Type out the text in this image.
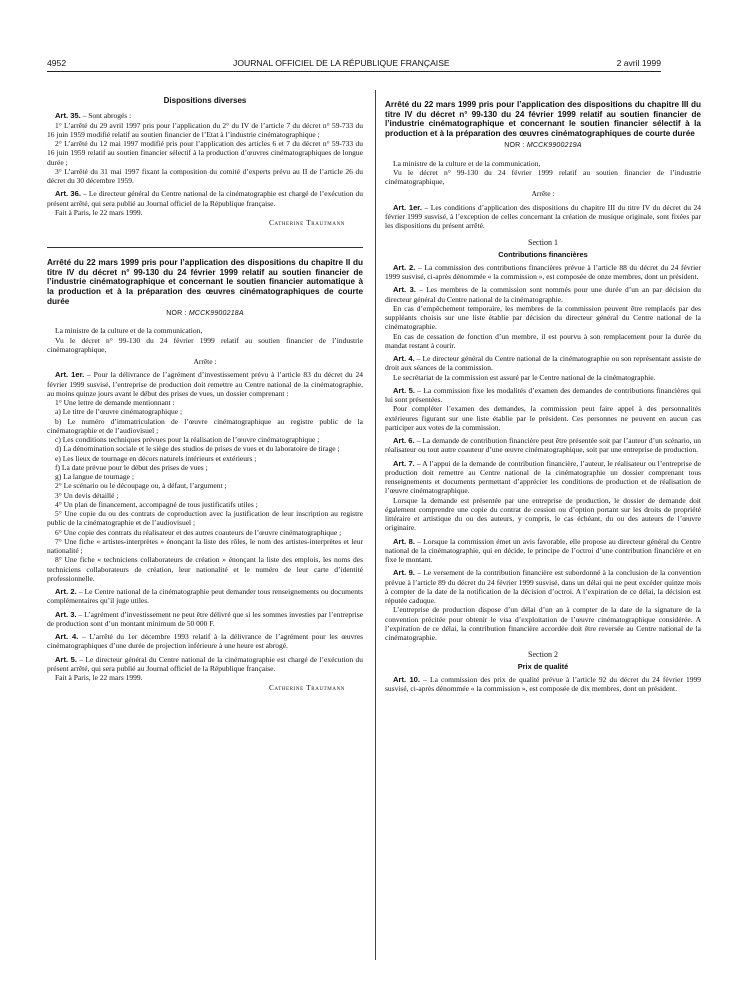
4952	JOURNAL OFFICIEL DE LA RÉPUBLIQUE FRANÇAISE	2 avril 1999
Dispositions diverses

Art. 35. – Sont abrogés :

1° L’arrêté du 29 avril 1997 pris pour l’application du 2° du IV de l’article 7 du décret n° 59-733 du 16 juin 1959 modifié relatif au soutien financier de l’Etat à l’industrie cinématographique ;

2° L’arrêté du 12 mai 1997 modifié pris pour l’application des articles 6 et 7 du décret n° 59-733 du 16 juin 1959 relatif au soutien financier sélectif à la production d’œuvres cinématographiques de longue durée ;

3° L’arrêté du 31 mai 1997 fixant la composition du comité d’experts prévu au II de l’article 26 du décret du 30 décembre 1959.

Art. 36. – Le directeur général du Centre national de la cinématographie est chargé de l’exécution du présent arrêté, qui sera publié au Journal officiel de la République française.

Fait à Paris, le 22 mars 1999.

Catherine Trautmann
Arrêté du 22 mars 1999 pris pour l’application des dispositions du chapitre II du titre IV du décret n° 99-130 du 24 février 1999 relatif au soutien financier de l’industrie cinématographique et concernant le soutien financier automatique à la production et à la préparation des œuvres cinématographiques de courte durée
NOR : MCCK9900218A

La ministre de la culture et de la communication,

Vu le décret n° 99-130 du 24 février 1999 relatif au soutien financier de l’industrie cinématographique,

Arrête :

Art. 1er. – Pour la délivrance de l’agrément d’investissement prévu à l’article 83 du décret du 24 février 1999 susvisé, l’entreprise de production doit remettre au Centre national de la cinématographie, au moins quinze jours avant le début des prises de vues, un dossier comprenant :

1° Une lettre de demande mentionnant :

a) Le titre de l’œuvre cinématographique ;

b) Le numéro d’immatriculation de l’œuvre cinématographique au registre public de la cinématographie et de l’audiovisuel ;

c) Les conditions techniques prévues pour la réalisation de l’œuvre cinématographique ;

d) La dénomination sociale et le siège des studios de prises de vues et du laboratoire de tirage ;

e) Les lieux de tournage en décors naturels intérieurs et extérieurs ;

f) La date prévue pour le début des prises de vues ;

g) La langue de tournage ;

2° Le scénario ou le découpage ou, à défaut, l’argument ;

3° Un devis détaillé ;

4° Un plan de financement, accompagné de tous justificatifs utiles ;

5° Une copie du ou des contrats de coproduction avec la justification de leur inscription au registre public de la cinématographie et de l’audiovisuel ;

6° Une copie des contrats du réalisateur et des autres coauteurs de l’œuvre cinématographique ;

7° Une fiche « artistes-interprètes » énonçant la liste des rôles, le nom des artistes-interprètes et leur nationalité ;

8° Une fiche « techniciens collaborateurs de création » énonçant la liste des emplois, les noms des techniciens collaborateurs de création, leur nationalité et le numéro de leur carte d’identité professionnelle.

Art. 2. – Le Centre national de la cinématographie peut demander tous renseignements ou documents complémentaires qu’il juge utiles.

Art. 3. – L’agrément d’investissement ne peut être délivré que si les sommes investies par l’entreprise de production sont d’un montant minimum de 50 000 F.

Art. 4. – L’arrêté du 1er décembre 1993 relatif à la délivrance de l’agrément pour les œuvres cinématographiques d’une durée de projection inférieure à une heure est abrogé.

Art. 5. – Le directeur général du Centre national de la cinématographie est chargé de l’exécution du présent arrêté, qui sera publié au Journal officiel de la République française.

Fait à Paris, le 22 mars 1999.

Catherine Trautmann
Arrêté du 22 mars 1999 pris pour l’application des dispositions du chapitre III du titre IV du décret n° 99-130 du 24 février 1999 relatif au soutien financier de l’industrie cinématographique et concernant le soutien financier sélectif à la production et à la préparation des œuvres cinématographiques de courte durée
NOR : MCCK9900219A

La ministre de la culture et de la communication,

Vu le décret n° 99-130 du 24 février 1999 relatif au soutien financier de l’industrie cinématographique,

Arrête :

Art. 1er. – Les conditions d’application des dispositions du chapitre III du titre IV du décret du 24 février 1999 susvisé, à l’exception de celles concernant la création de musique originale, sont fixées par les dispositions du présent arrêté.

Section 1
Contributions financières

Art. 2. – La commission des contributions financières prévue à l’article 88 du décret du 24 février 1999 susvisé, ci-après dénommée « la commission », est composée de onze membres, dont un président.

Art. 3. – Les membres de la commission sont nommés pour une durée d’un an par décision du directeur général du Centre national de la cinématographie.

En cas d’empêchement temporaire, les membres de la commission peuvent être remplacés par des suppléants choisis sur une liste établie par décision du directeur général du Centre national de la cinématographie.

En cas de cessation de fonction d’un membre, il est pourvu à son remplacement pour la durée du mandat restant à courir.

Art. 4. – Le directeur général du Centre national de la cinématographie ou son représentant assiste de droit aux séances de la commission.

Le secrétariat de la commission est assuré par le Centre national de la cinématographie.

Art. 5. – La commission fixe les modalités d’examen des demandes de contributions financières qui lui sont présentées.

Pour compléter l’examen des demandes, la commission peut faire appel à des personnalités extérieures figurant sur une liste établie par le président. Ces personnes ne peuvent en aucun cas participer aux votes de la commission.

Art. 6. – La demande de contribution financière peut être présentée soit par l’auteur d’un scénario, un réalisateur ou tout autre coauteur d’une œuvre cinématographique, soit par une entreprise de production.

Art. 7. – A l’appui de la demande de contribution financière, l’auteur, le réalisateur ou l’entreprise de production doit remettre au Centre national de la cinématographie un dossier comprenant tous renseignements et documents permettant d’apprécier les conditions de production et de réalisation de l’œuvre cinématographique.

Lorsque la demande est présentée par une entreprise de production, le dossier de demande doit également comprendre une copie du contrat de cession ou d’option portant sur les droits de propriété littéraire et artistique du ou des auteurs, y compris, le cas échéant, du ou des auteurs de l’œuvre originaire.

Art. 8. – Lorsque la commission émet un avis favorable, elle propose au directeur général du Centre national de la cinématographie, qui en décide, le principe de l’octroi d’une contribution financière et en fixe le montant.

Art. 9. – Le versement de la contribution financière est subordonné à la conclusion de la convention prévue à l’article 89 du décret du 24 février 1999 susvisé, dans un délai qui ne peut excéder quinze mois à compter de la date de la notification de la décision d’octroi. A l’expiration de ce délai, la décision est réputée caduque.

L’entreprise de production dispose d’un délai d’un an à compter de la date de la signature de la convention précitée pour obtenir le visa d’exploitation de l’œuvre cinématographique considérée. A l’expiration de ce délai, la contribution financière accordée doit être reversée au Centre national de la cinématographie.

Section 2
Prix de qualité

Art. 10. – La commission des prix de qualité prévue à l’article 92 du décret du 24 février 1999 susvisé, ci-après dénommée « la commission », est composée de dix membres, dont un président.
